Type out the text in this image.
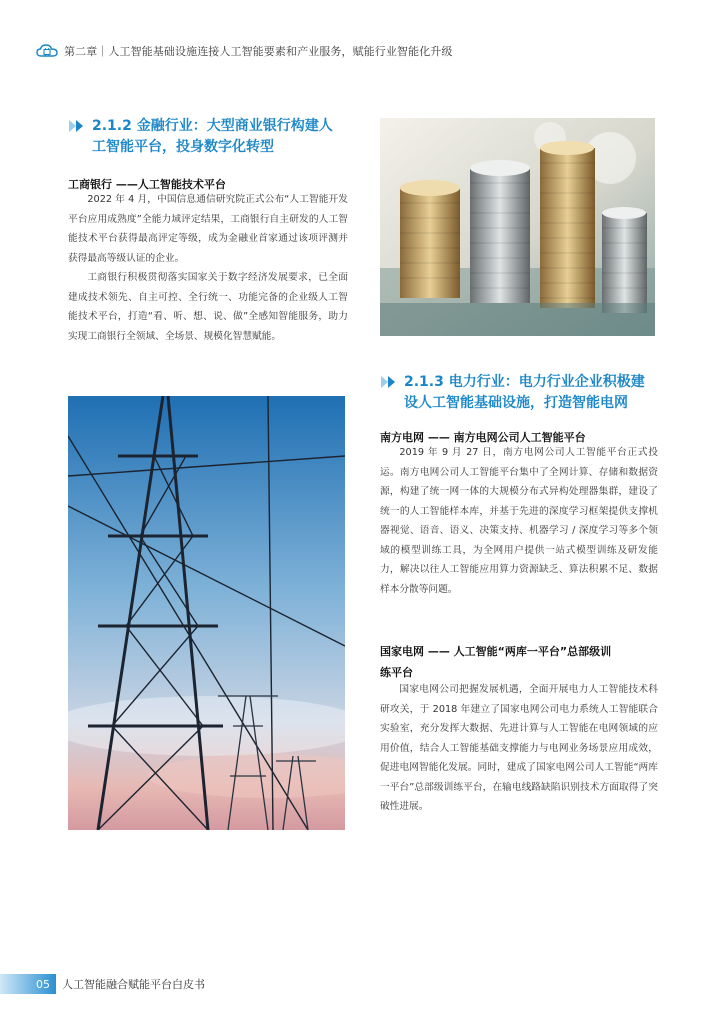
第二章｜人工智能基础设施连接人工智能要素和产业服务，赋能行业智能化升级
2.1.2 金融行业：大型商业银行构建人
工智能平台，投身数字化转型
工商银行 ——人工智能技术平台

2022 年 4 月，中国信息通信研究院正式公布“人工智能开发平台应用成熟度”全能力域评定结果，工商银行自主研发的人工智能技术平台获得最高评定等级，成为金融业首家通过该项评测并获得最高等级认证的企业。

工商银行积极贯彻落实国家关于数字经济发展要求，已全面建成技术领先、自主可控、全行统一、功能完备的企业级人工智能技术平台，打造“看、听、想、说、做”全感知智能服务，助力实现工商银行全领域、全场景、规模化智慧赋能。

2.1.3 电力行业：电力行业企业积极建
设人工智能基础设施，打造智能电网
南方电网 —— 南方电网公司人工智能平台

2019 年 9 月 27 日，南方电网公司人工智能平台正式投运。南方电网公司人工智能平台集中了全网计算、存储和数据资源，构建了统一网一体的大规模分布式异构处理器集群，建设了统一的人工智能样本库，并基于先进的深度学习框架提供支撑机器视觉、语音、语义、决策支持、机器学习 / 深度学习等多个领域的模型训练工具，为全网用户提供一站式模型训练及研发能力，解决以往人工智能应用算力资源缺乏、算法积累不足、数据样本分散等问题。

国家电网 —— 人工智能“两库一平台”总部级训
练平台

国家电网公司把握发展机遇，全面开展电力人工智能技术科研攻关，于 2018 年建立了国家电网公司电力系统人工智能联合实验室，充分发挥大数据、先进计算与人工智能在电网领域的应用价值，结合人工智能基础支撑能力与电网业务场景应用成效，促进电网智能化发展。同时，建成了国家电网公司人工智能“两库一平台”总部级训练平台，在输电线路缺陷识别技术方面取得了突破性进展。

05	人工智能融合赋能平台白皮书
